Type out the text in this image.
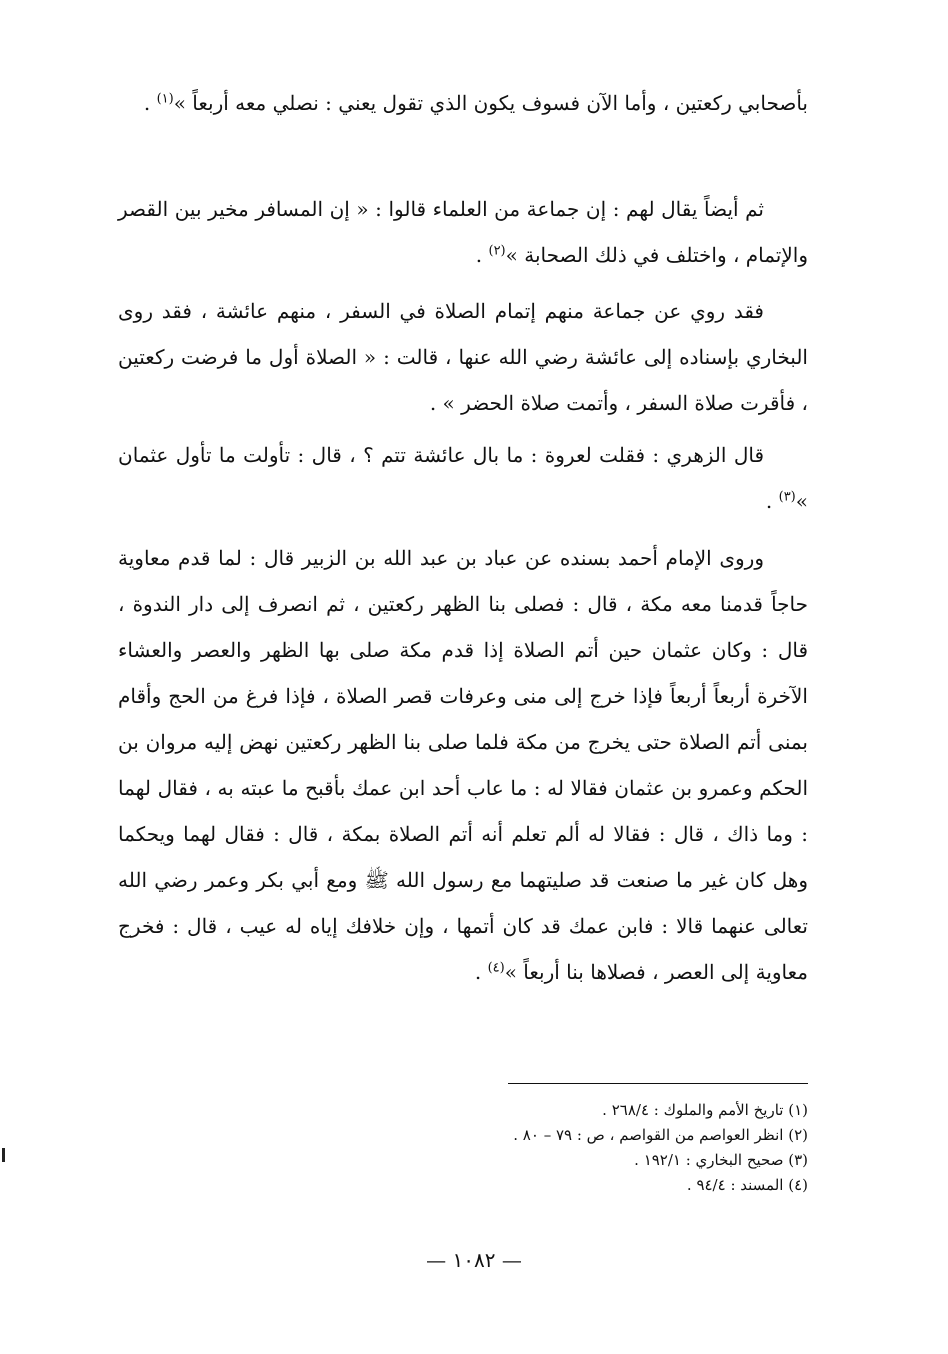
بأصحابي ركعتين ، وأما الآن فسوف يكون الذي تقول يعني : نصلي معه أربعاً »$^{(١)}$ .

ثم أيضاً يقال لهم : إن جماعة من العلماء قالوا : « إن المسافر مخير بين القصر والإتمام ، واختلف في ذلك الصحابة »$^{(٢)}$ .

فقد روي عن جماعة منهم إتمام الصلاة في السفر ، منهم عائشة ، فقد روى البخاري بإسناده إلى عائشة رضي الله عنها ، قالت : « الصلاة أول ما فرضت ركعتين ، فأقرت صلاة السفر ، وأتمت صلاة الحضر » .

قال الزهري : فقلت لعروة : ما بال عائشة تتم ؟ ، قال : تأولت ما تأول عثمان »$^{(٣)}$ .

وروى الإمام أحمد بسنده عن عباد بن عبد الله بن الزبير قال : لما قدم معاوية حاجاً قدمنا معه مكة ، قال : فصلى بنا الظهر ركعتين ، ثم انصرف إلى دار الندوة ، قال : وكان عثمان حين أتم الصلاة إذا قدم مكة صلى بها الظهر والعصر والعشاء الآخرة أربعاً أربعاً فإذا خرج إلى منى وعرفات قصر الصلاة ، فإذا فرغ من الحج وأقام بمنى أتم الصلاة حتى يخرج من مكة فلما صلى بنا الظهر ركعتين نهض إليه مروان بن الحكم وعمرو بن عثمان فقالا له : ما عاب أحد ابن عمك بأقبح ما عبته به ، فقال لهما : وما ذاك ، قال : فقالا له ألم تعلم أنه أتم الصلاة بمكة ، قال : فقال لهما ويحكما وهل كان غير ما صنعت قد صليتهما مع رسول الله ﷺ ومع أبي بكر وعمر رضي الله تعالى عنهما قالا : فابن عمك قد كان أتمها ، وإن خلافك إياه له عيب ، قال : فخرج معاوية إلى العصر ، فصلاها بنا أربعاً »$^{(٤)}$ .

(١) تاريخ الأمم والملوك : ٢٦٨/٤ .

(٢) انظر العواصم من القواصم ، ص : ٧٩ – ٨٠ .

(٣) صحيح البخاري : ١٩٢/١ .

(٤) المسند : ٩٤/٤ .

— ١٠٨٢ —
